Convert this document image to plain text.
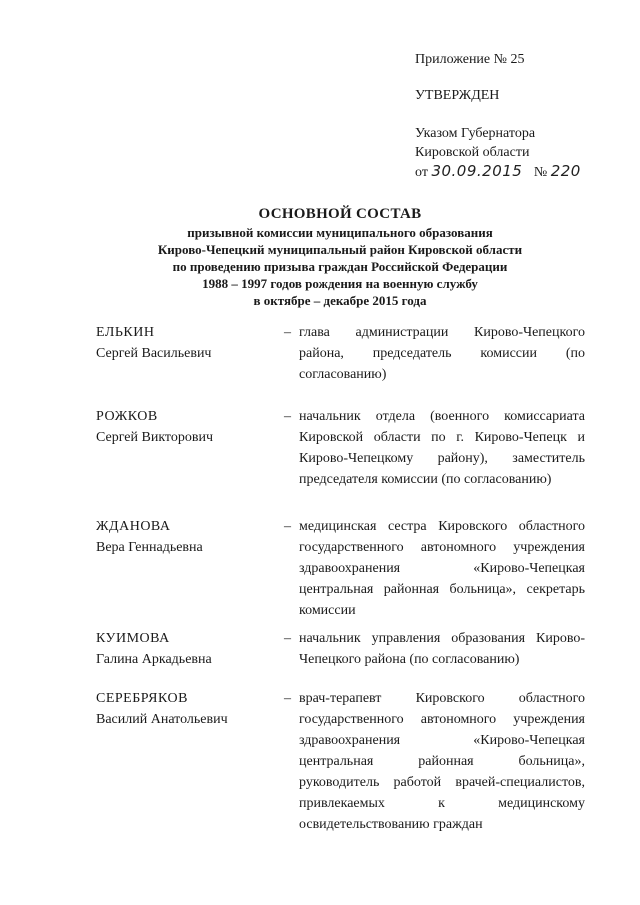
Приложение № 25
УТВЕРЖДЕН
Указом Губернатора
Кировской области
от 30.09.2015 № 220
ОСНОВНОЙ СОСТАВ
призывной комиссии муниципального образования
Кирово-Чепецкий муниципальный район Кировской области
по проведению призыва граждан Российской Федерации
1988 – 1997 годов рождения на военную службу
в октябре – декабре 2015 года
ЕЛЬКИН
Сергей Васильевич
– глава администрации Кирово-Чепецкого района, председатель комиссии (по согласованию)
РОЖКОВ
Сергей Викторович
– начальник отдела (военного комиссариата Кировской области по г. Кирово-Чепецк и Кирово-Чепецкому району), заместитель председателя комиссии (по согласованию)
ЖДАНОВА
Вера Геннадьевна
– медицинская сестра Кировского областного государственного автономного учреждения здравоохранения «Кирово-Чепецкая центральная районная больница», секретарь комиссии
КУИМОВА
Галина Аркадьевна
– начальник управления образования Кирово-Чепецкого района (по согласованию)
СЕРЕБРЯКОВ
Василий Анатольевич
– врач-терапевт Кировского областного государственного автономного учреждения здравоохранения «Кирово-Чепецкая центральная районная больница», руководитель работой врачей-специалистов, привлекаемых к медицинскому освидетельствованию граждан
